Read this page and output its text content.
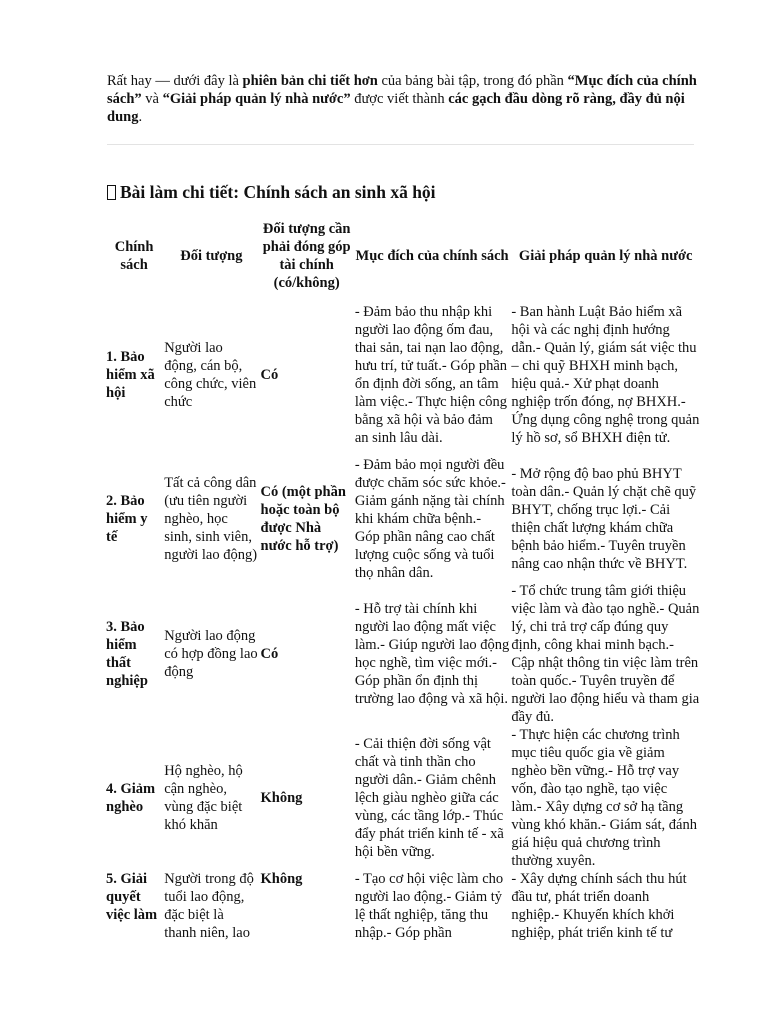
Rất hay — dưới đây là phiên bản chi tiết hơn của bảng bài tập, trong đó phần “Mục đích của chính sách” và “Giải pháp quản lý nhà nước” được viết thành các gạch đầu dòng rõ ràng, đầy đủ nội dung.
Bài làm chi tiết: Chính sách an sinh xã hội
Chính sách	Đối tượng	Đối tượng cần phải đóng góp tài chính (có/không)	Mục đích của chính sách	Giải pháp quản lý nhà nước
1. Bảo hiểm xã hội	Người lao động, cán bộ, công chức, viên chức	Có	- Đảm bảo thu nhập khi người lao động ốm đau, thai sản, tai nạn lao động, hưu trí, tử tuất.- Góp phần ổn định đời sống, an tâm làm việc.- Thực hiện công bằng xã hội và bảo đảm an sinh lâu dài.	- Ban hành Luật Bảo hiểm xã hội và các nghị định hướng dẫn.- Quản lý, giám sát việc thu – chi quỹ BHXH minh bạch, hiệu quả.- Xử phạt doanh nghiệp trốn đóng, nợ BHXH.- Ứng dụng công nghệ trong quản lý hồ sơ, sổ BHXH điện tử.
2. Bảo hiểm y tế	Tất cả công dân (ưu tiên người nghèo, học sinh, sinh viên, người lao động)	Có (một phần hoặc toàn bộ được Nhà nước hỗ trợ)	- Đảm bảo mọi người đều được chăm sóc sức khỏe.- Giảm gánh nặng tài chính khi khám chữa bệnh.- Góp phần nâng cao chất lượng cuộc sống và tuổi thọ nhân dân.	- Mở rộng độ bao phủ BHYT toàn dân.- Quản lý chặt chẽ quỹ BHYT, chống trục lợi.- Cải thiện chất lượng khám chữa bệnh bảo hiểm.- Tuyên truyền nâng cao nhận thức về BHYT.
3. Bảo hiểm thất nghiệp	Người lao động có hợp đồng lao động	Có	- Hỗ trợ tài chính khi người lao động mất việc làm.- Giúp người lao động học nghề, tìm việc mới.- Góp phần ổn định thị trường lao động và xã hội.	- Tổ chức trung tâm giới thiệu việc làm và đào tạo nghề.- Quản lý, chi trả trợ cấp đúng quy định, công khai minh bạch.- Cập nhật thông tin việc làm trên toàn quốc.- Tuyên truyền để người lao động hiểu và tham gia đầy đủ.
4. Giảm nghèo	Hộ nghèo, hộ cận nghèo, vùng đặc biệt khó khăn	Không	- Cải thiện đời sống vật chất và tinh thần cho người dân.- Giảm chênh lệch giàu nghèo giữa các vùng, các tầng lớp.- Thúc đẩy phát triển kinh tế - xã hội bền vững.	- Thực hiện các chương trình mục tiêu quốc gia về giảm nghèo bền vững.- Hỗ trợ vay vốn, đào tạo nghề, tạo việc làm.- Xây dựng cơ sở hạ tầng vùng khó khăn.- Giám sát, đánh giá hiệu quả chương trình thường xuyên.
5. Giải quyết việc làm	Người trong độ tuổi lao động, đặc biệt là thanh niên, lao	Không	- Tạo cơ hội việc làm cho người lao động.- Giảm tỷ lệ thất nghiệp, tăng thu nhập.- Góp phần	- Xây dựng chính sách thu hút đầu tư, phát triển doanh nghiệp.- Khuyến khích khởi nghiệp, phát triển kinh tế tư
